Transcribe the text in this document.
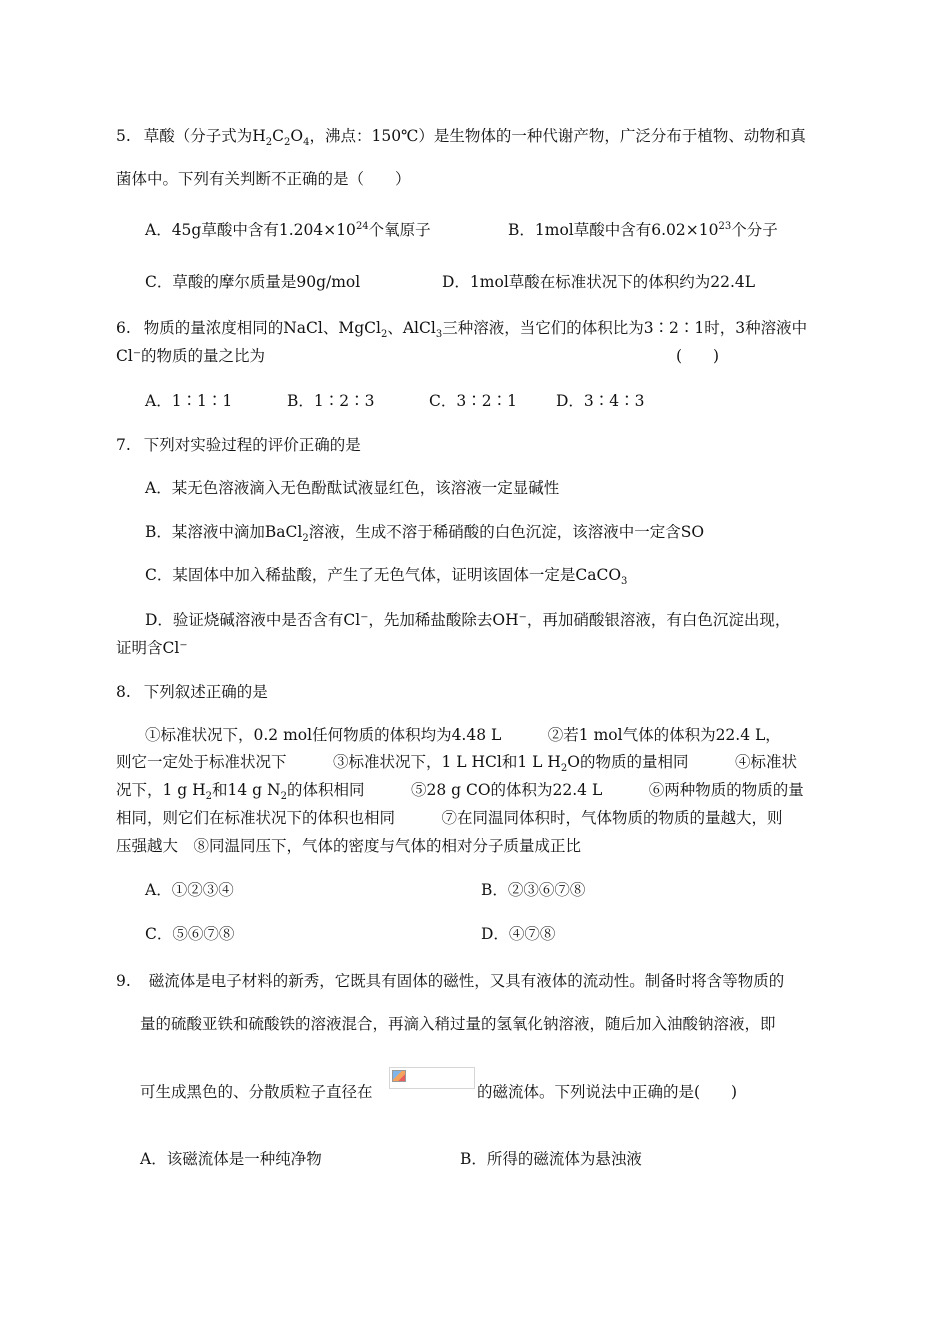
5. 草酸（分子式为$H_2C_2O_4$，沸点：150℃）是生物体的一种代谢产物，广泛分布于植物、动物和真
菌体中。下列有关判断不正确的是（　　）
A．45g草酸中含有$1.204\times 10^{24}$个氧原子	B．1mol草酸中含有$6.02\times 10^{23}$个分子
C．草酸的摩尔质量是90g/mol	D．1mol草酸在标准状况下的体积约为22.4L
6. 物质的量浓度相同的NaCl、MgCl$_2$、AlCl$_3$三种溶液，当它们的体积比为3∶2∶1时，3种溶液中
Cl⁻的物质的量之比为	(　　)
A．1∶1∶1	B．1∶2∶3	C．3∶2∶1	D．3∶4∶3
7. 下列对实验过程的评价正确的是
A．某无色溶液滴入无色酚酞试液显红色，该溶液一定显碱性
B．某溶液中滴加BaCl$_2$溶液，生成不溶于稀硝酸的白色沉淀，该溶液中一定含SO
C．某固体中加入稀盐酸，产生了无色气体，证明该固体一定是CaCO$_3$
D．验证烧碱溶液中是否含有Cl⁻，先加稀盐酸除去OH⁻，再加硝酸银溶液，有白色沉淀出现，
证明含Cl⁻
8. 下列叙述正确的是
①标准状况下，0.2 mol任何物质的体积均为4.48 L　　　②若1 mol气体的体积为22.4 L，
则它一定处于标准状况下　　　③标准状况下，1 L HCl和1 L $H_2O$的物质的量相同　　　④标准状
况下，1 g $H_2$和14 g $N_2$的体积相同　　　⑤28 g CO的体积为22.4 L　　　⑥两种物质的物质的量
相同，则它们在标准状况下的体积也相同　　　⑦在同温同体积时，气体物质的物质的量越大，则
压强越大　⑧同温同压下，气体的密度与气体的相对分子质量成正比
A．①②③④	B．②③⑥⑦⑧
C．⑤⑥⑦⑧	D．④⑦⑧
9. 磁流体是电子材料的新秀，它既具有固体的磁性，又具有液体的流动性。制备时将含等物质的
量的硫酸亚铁和硫酸铁的溶液混合，再滴入稍过量的氢氧化钠溶液，随后加入油酸钠溶液，即
可生成黑色的、分散质粒子直径在	的磁流体。下列说法中正确的是(　　)
A．该磁流体是一种纯净物	B．所得的磁流体为悬浊液
